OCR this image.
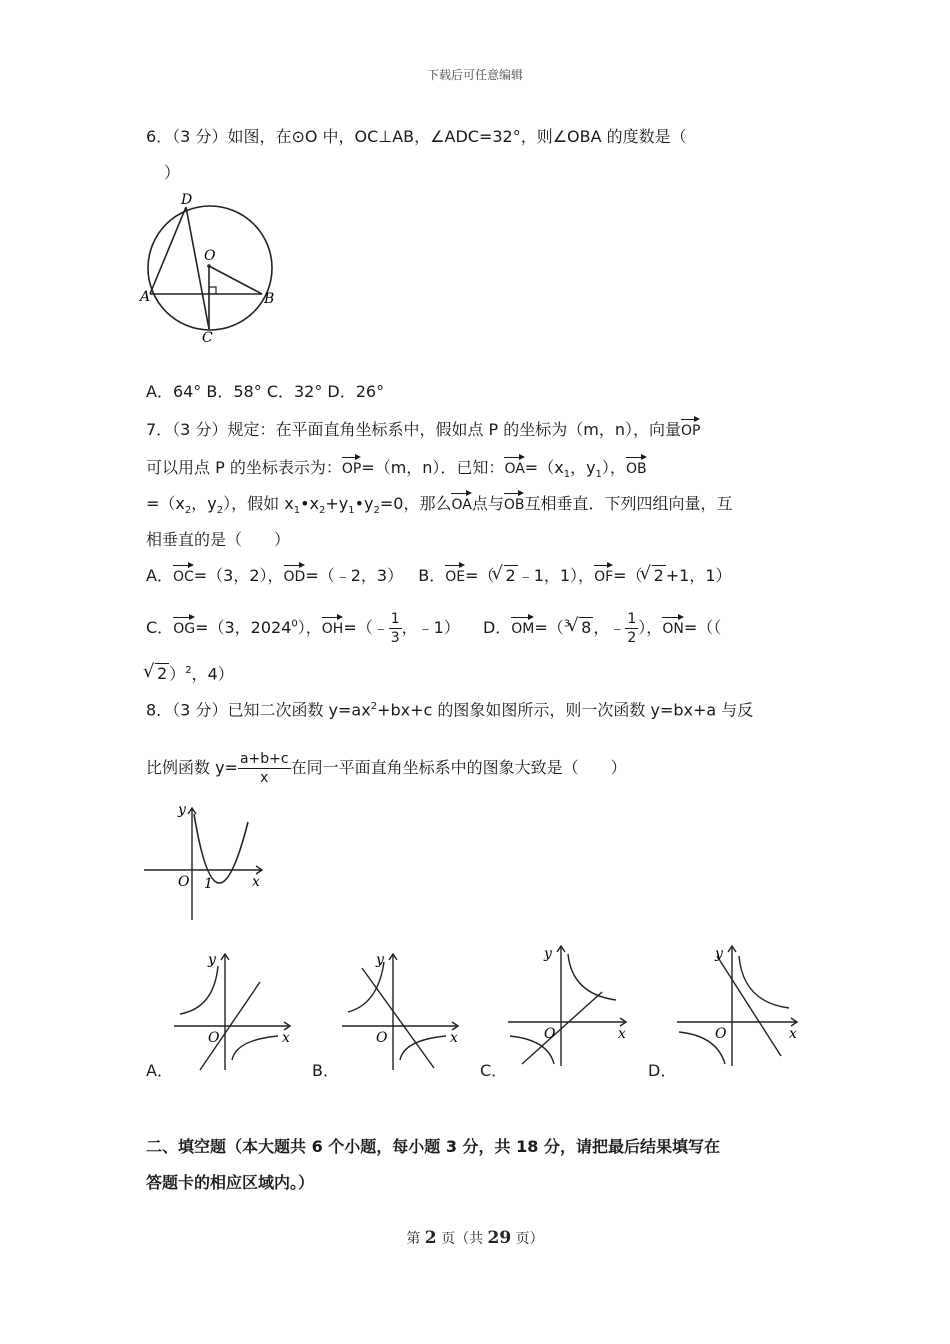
下载后可任意编辑
6．（3 分）如图，在⊙O 中，OC⊥AB，∠ADC=32°，则∠OBA 的度数是（
）
D
O
A	B
C
A．64° B．58° C．32° D．26°
7．（3 分）规定：在平面直角坐标系中，假如点 P 的坐标为（m，n），向量OP
可以用点 P 的坐标表示为：OP=（m，n）．已知：$OA=(x_1$，$y_1$），OB
$=(x_2$，$y_2$），假如 $x_1•x_2+y_1•y_2=0$，那么OA点与OB互相垂直．下列四组向量，互
相垂直的是（　　）
A．OC=（3，2），OD=（﹣2，3） B．OE=（ √ 2 ﹣1，1），OF=（ √ 2 +1，1）
C．OG=（3，2024$^0$），OH=（﹣ $\frac{1}{3}$ ，﹣1） D．OM=（$^3$ √ 8 ，﹣ $\frac{1}{2}$ ），ON=（（
√ 2 ）$^2$，4）
8．（3 分）已知二次函数 $y=ax^2+bx+c$ 的图象如图所示，则一次函数 y=bx+a 与反
比例函数 $y= \frac{a+b+c}{x}$ 在同一平面直角坐标系中的图象大致是（　　）
y
x
O 1
y
x
O
y
x
O
y
x
O
y
x
O
A．	B．	C．	D．
二、填空题（本大题共 6 个小题，每小题 3 分，共 18 分，请把最后结果填写在
答题卡的相应区域内。）
第 2 页（共 29 页）
